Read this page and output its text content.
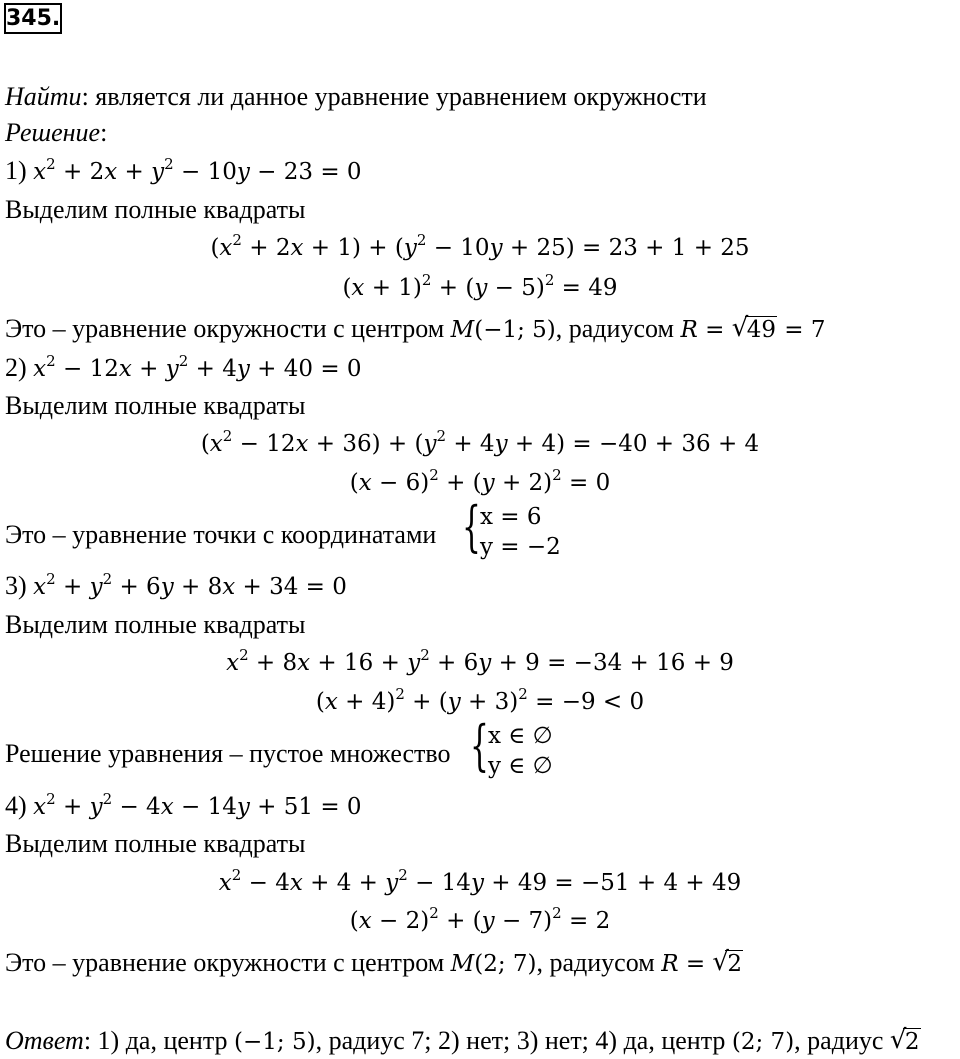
345.
Найти: является ли данное уравнение уравнением окружности
Решение:
1) $x^2 + 2x + y^2 - 10y - 23 = 0$
Выделим полные квадраты
$(x^2 + 2x + 1) + (y^2 - 10y + 25) = 23 + 1 + 25$
$(x + 1)^2 + (y - 5)^2 = 49$
Это – уравнение окружности с центром M(−1; 5), радиусом R = √
49 = 7
2) $x^2 - 12x + y^2 + 4y + 40 = 0$
Выделим полные квадраты
$(x^2 - 12x + 36) + (y^2 + 4y + 4) = -40 + 36 + 4$
$(x - 6)^2 + (y + 2)^2 = 0$
Это – уравнение точки с координатами { x = 6
y = −2
3) $x^2 + y^2 + 6y + 8x + 34 = 0$
Выделим полные квадраты
$x^2 + 8x + 16 + y^2 + 6y + 9 = -34 + 16 + 9$
$(x + 4)^2 + (y + 3)^2 = -9 < 0$
Решение уравнения – пустое множество { x ∈ ∅
y ∈ ∅
4) $x^2 + y^2 - 4x - 14y + 51 = 0$
Выделим полные квадраты
$x^2 - 4x + 4 + y^2 - 14y + 49 = -51 + 4 + 49$
$(x - 2)^2 + (y - 7)^2 = 2$
Это – уравнение окружности с центром M(2; 7), радиусом R = √
2
Ответ: 1) да, центр (−1; 5), радиус 7; 2) нет; 3) нет; 4) да, центр (2; 7), радиус √
2
